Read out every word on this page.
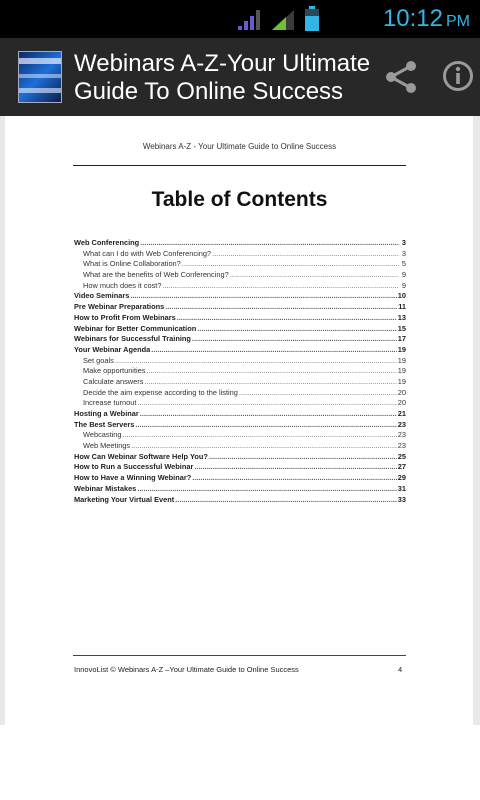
10:12 PM
Webinars A-Z-Your Ultimate Guide To Online Success
Webinars A-Z - Your Ultimate Guide to Online Success
Table of Contents
Web Conferencing .....	3
What can I do with Web Conferencing? .....	3
What is Online Collaboration? .....	5
What are the benefits of Web Conferencing? .....	9
How much does it cost? .....	9
Video Seminars .....	10
Pre Webinar Preparations .....	11
How to Profit From Webinars .....	13
Webinar for Better Communication .....	15
Webinars for Successful Training .....	17
Your Webinar Agenda .....	19
Set goals .....	19
Make opportunities .....	19
Calculate answers .....	19
Decide the aim expense according to the listing .....	20
Increase turnout .....	20
Hosting a Webinar .....	21
The Best Servers .....	23
Webcasting .....	23
Web Meetings .....	23
How Can Webinar Software Help You? .....	25
How to Run a Successful Webinar .....	27
How to Have a Winning Webinar? .....	29
Webinar Mistakes .....	31
Marketing Your Virtual Event .....	33
InnovoList © Webinars A-Z –Your Ultimate Guide to Online Success	4
